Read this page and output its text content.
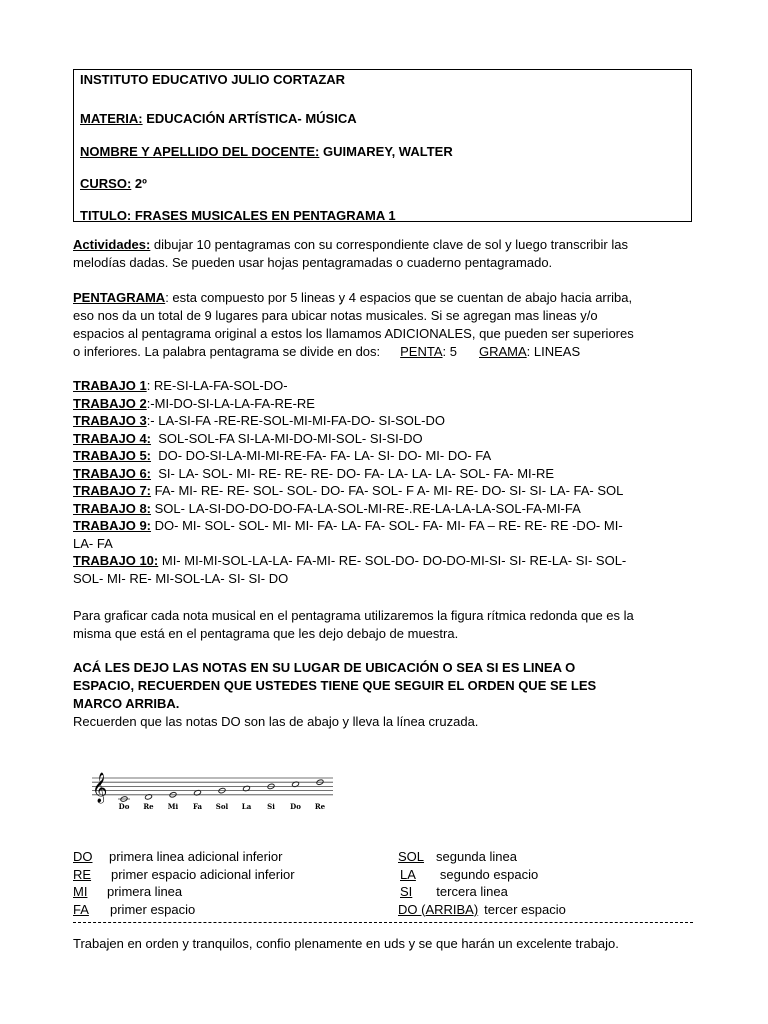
INSTITUTO EDUCATIVO JULIO CORTAZAR
MATERIA: EDUCACIÓN ARTÍSTICA- MÚSICA
NOMBRE Y APELLIDO DEL DOCENTE: GUIMAREY, WALTER
CURSO: 2º
TITULO: FRASES MUSICALES EN PENTAGRAMA 1
Actividades: dibujar 10 pentagramas con su correspondiente clave de sol y luego transcribir las
melodías dadas. Se pueden usar hojas pentagramadas o cuaderno pentagramado.
PENTAGRAMA: esta compuesto por 5 lineas y 4 espacios que se cuentan de abajo hacia arriba,
eso nos da un total de 9 lugares para ubicar notas musicales. Si se agregan mas lineas y/o
espacios al pentagrama original a estos los llamamos ADICIONALES, que pueden ser superiores
o inferiores. La palabra pentagrama se divide en dos: PENTA: 5 GRAMA: LINEAS
TRABAJO 1: RE-SI-LA-FA-SOL-DO-
TRABAJO 2:-MI-DO-SI-LA-LA-FA-RE-RE
TRABAJO 3:- LA-SI-FA -RE-RE-SOL-MI-MI-FA-DO- SI-SOL-DO
TRABAJO 4:  SOL-SOL-FA SI-LA-MI-DO-MI-SOL- SI-SI-DO
TRABAJO 5:  DO- DO-SI-LA-MI-MI-RE-FA- FA- LA- SI- DO- MI- DO- FA
TRABAJO 6:  SI- LA- SOL- MI- RE- RE- RE- DO- FA- LA- LA- LA- SOL- FA- MI-RE
TRABAJO 7: FA- MI- RE- RE- SOL- SOL- DO- FA- SOL- F A- MI- RE- DO- SI- SI- LA- FA- SOL
TRABAJO 8: SOL- LA-SI-DO-DO-DO-FA-LA-SOL-MI-RE-.RE-LA-LA-LA-SOL-FA-MI-FA
TRABAJO 9: DO- MI- SOL- SOL- MI- MI- FA- LA- FA- SOL- FA- MI- FA – RE- RE- RE -DO- MI-
LA- FA
TRABAJO 10: MI- MI-MI-SOL-LA-LA- FA-MI- RE- SOL-DO- DO-DO-MI-SI- SI- RE-LA- SI- SOL-
SOL- MI- RE- MI-SOL-LA- SI- SI- DO
Para graficar cada nota musical en el pentagrama utilizaremos la figura rítmica redonda que es la
misma que está en el pentagrama que les dejo debajo de muestra.
ACÁ LES DEJO LAS NOTAS EN SU LUGAR DE UBICACIÓN O SEA SI ES LINEA O
ESPACIO, RECUERDEN QUE USTEDES TIENE QUE SEGUIR EL ORDEN QUE SE LES
MARCO ARRIBA.
Recuerden que las notas DO son las de abajo y lleva la línea cruzada.
𝄞
Do Re Mi Fa Sol La Si Do Re
DO primera linea adicional inferior
RE primer espacio adicional inferior
MI primera linea
FA primer espacio
SOL segunda linea
LA segundo espacio
SI tercera linea
DO (ARRIBA) tercer espacio
Trabajen en orden y tranquilos, confio plenamente en uds y se que harán un excelente trabajo.
